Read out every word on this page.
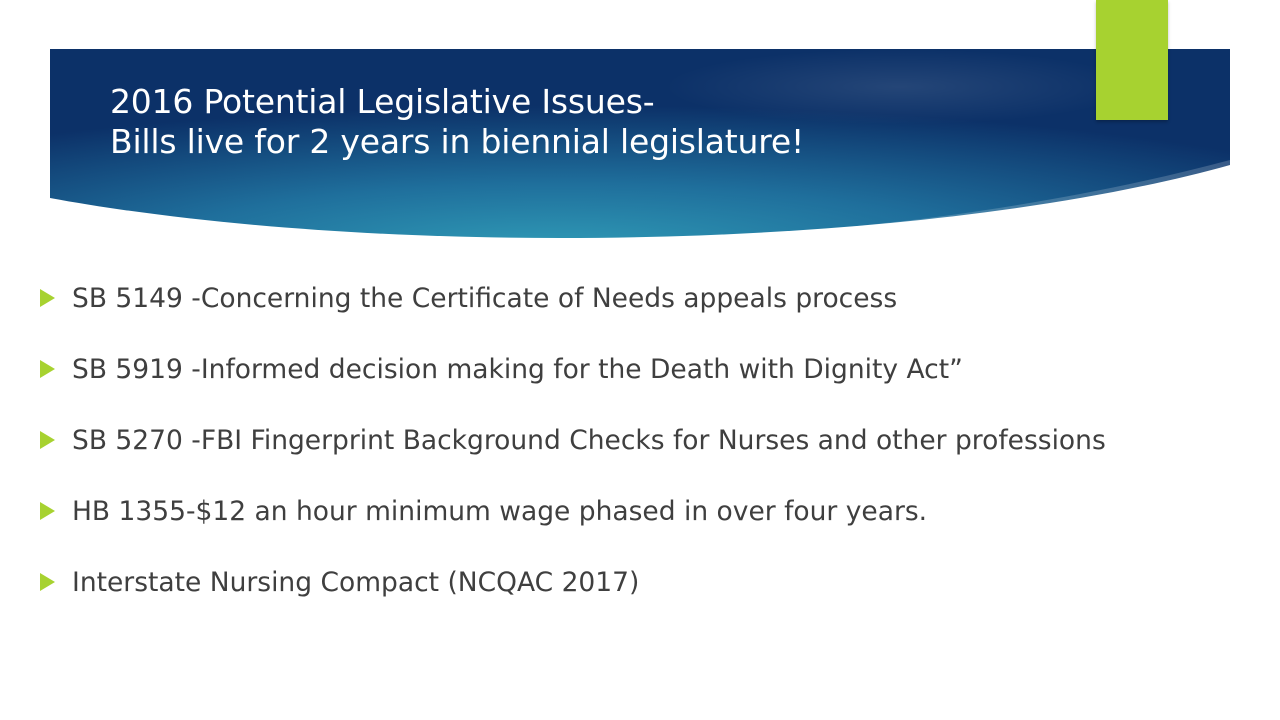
2016 Potential Legislative Issues-
Bills live for 2 years in biennial legislature!
SB 5149 -Concerning the Certificate of Needs appeals process
SB 5919 -Informed decision making for the Death with Dignity Act”
SB 5270 -FBI Fingerprint Background Checks for Nurses and other professions
HB 1355-$12 an hour minimum wage phased in over four years.
Interstate Nursing Compact (NCQAC 2017)
